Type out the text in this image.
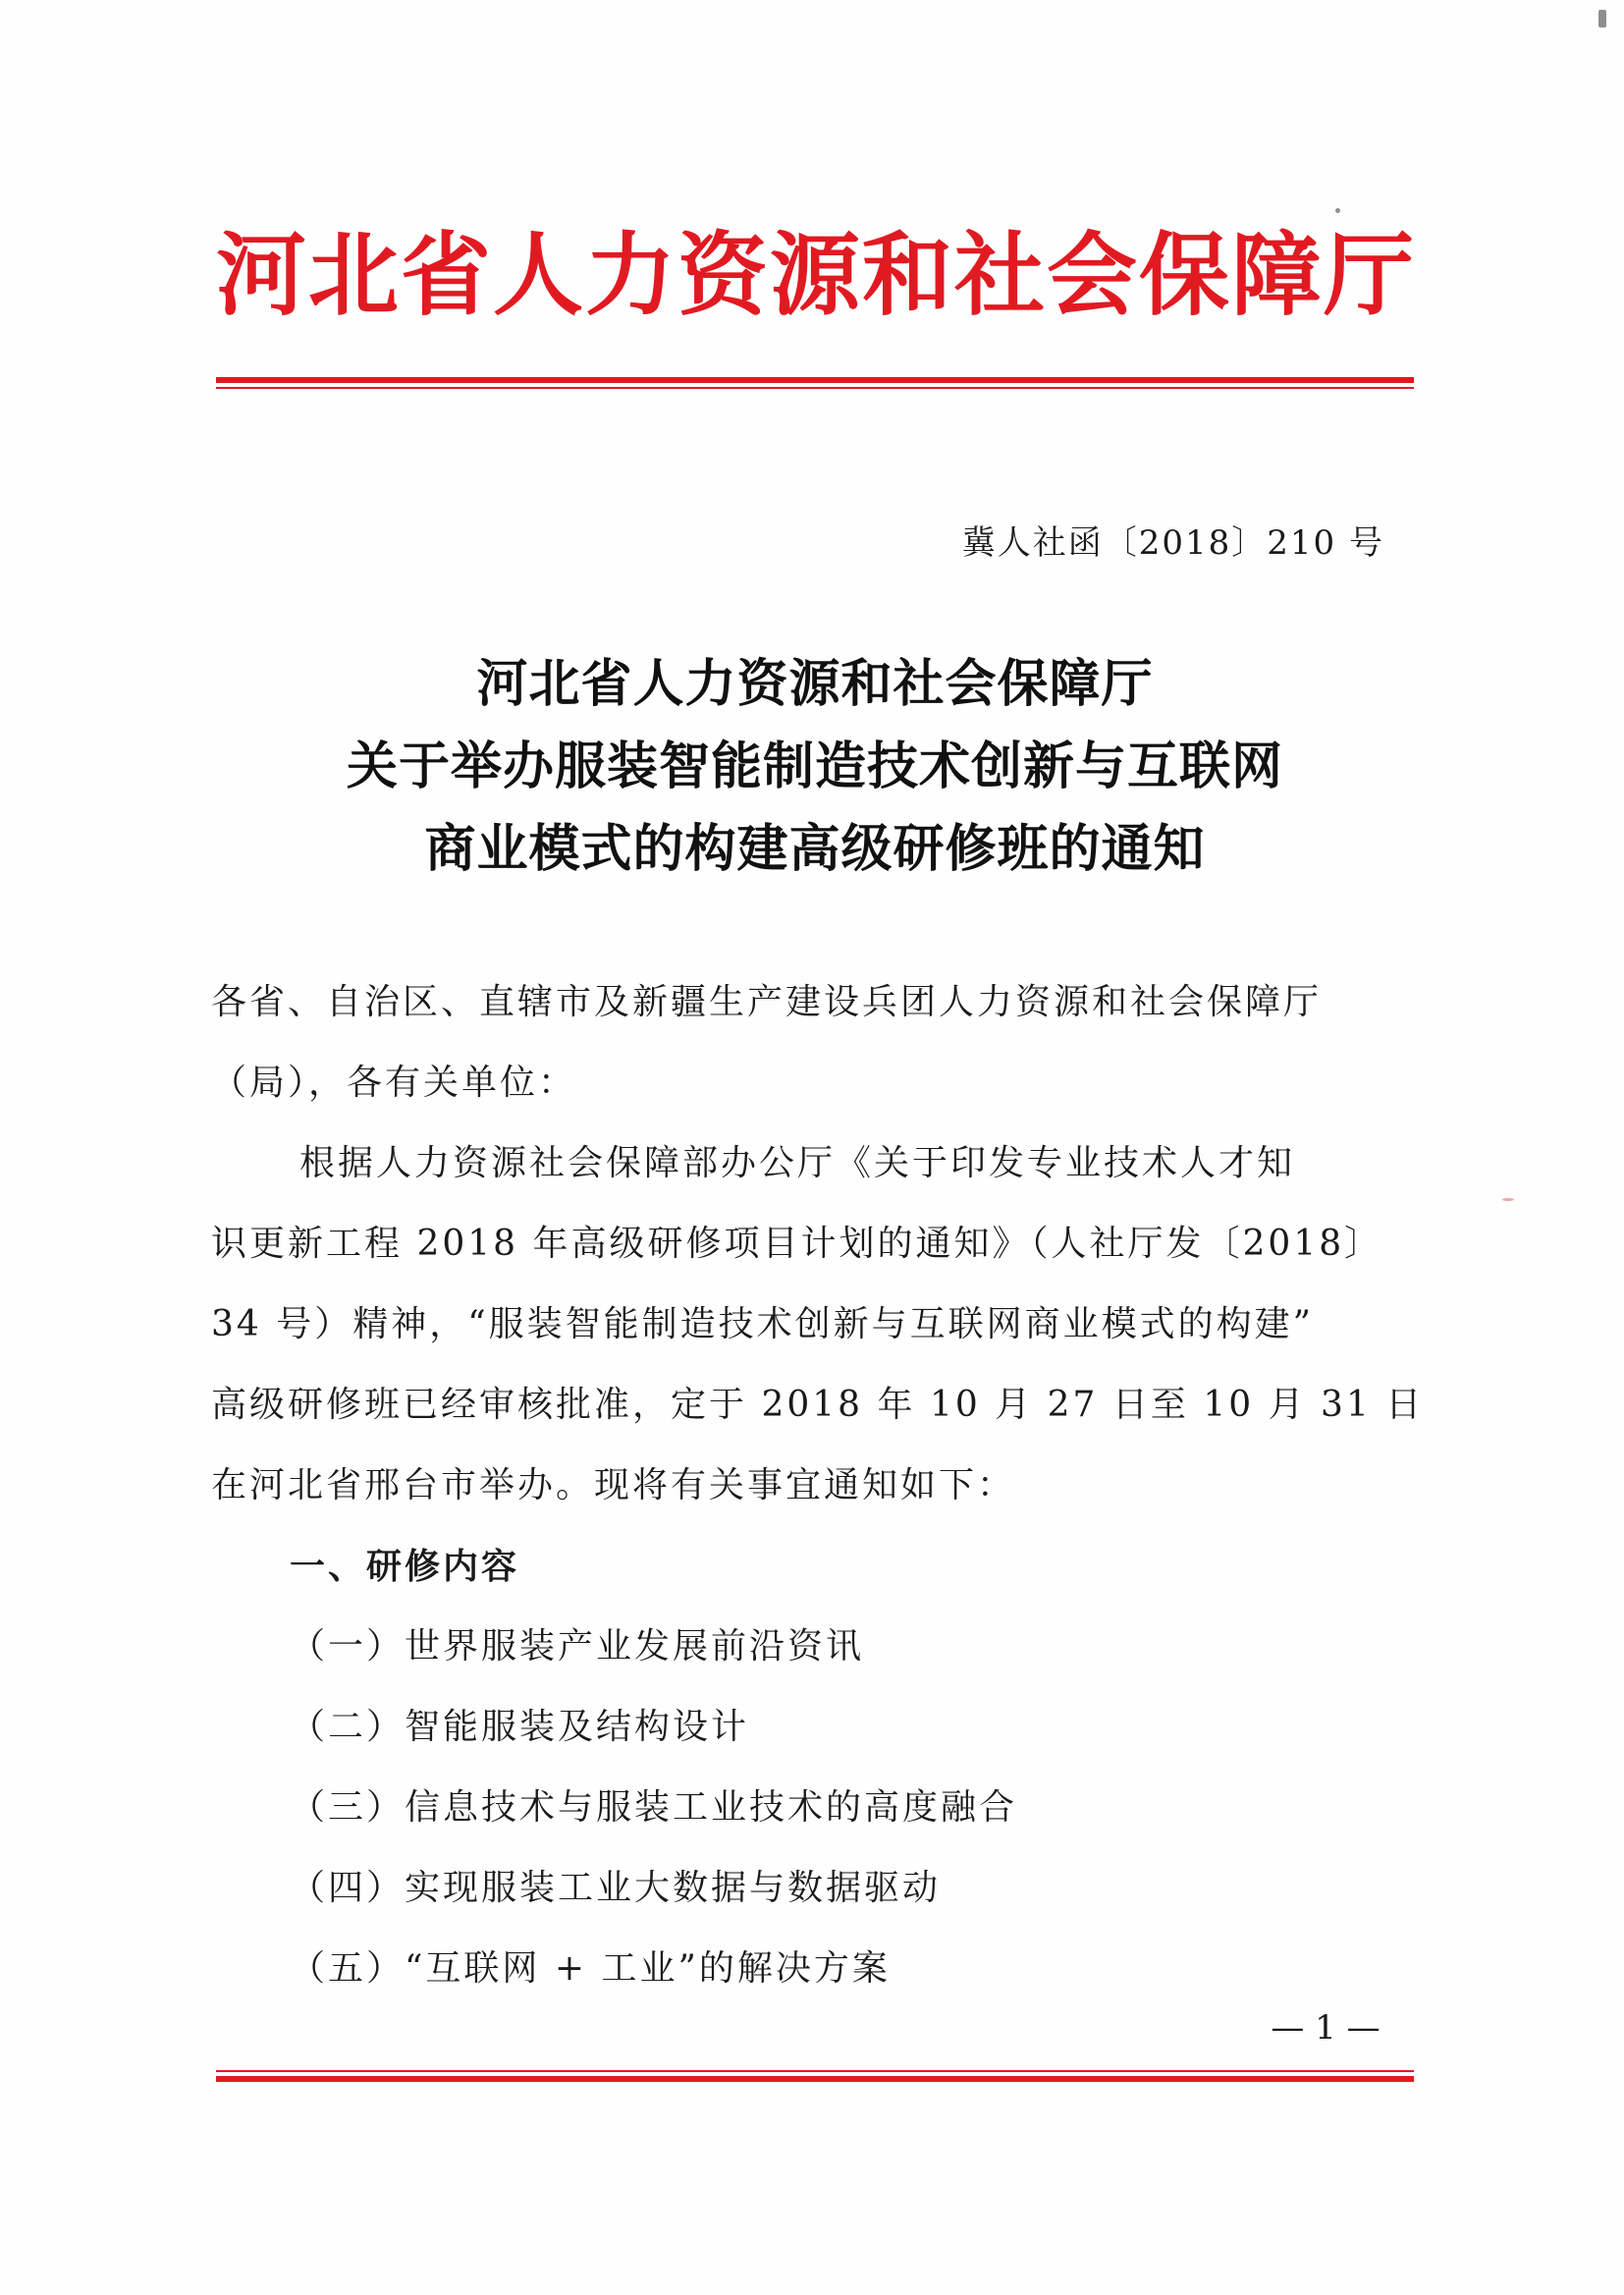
河北省人力资源和社会保障厅
冀人社函〔2018〕210 号
河北省人力资源和社会保障厅
关于举办服装智能制造技术创新与互联网
商业模式的构建高级研修班的通知
各省、自治区、直辖市及新疆生产建设兵团人力资源和社会保障厅
（局），各有关单位：
根据人力资源社会保障部办公厅《关于印发专业技术人才知
识更新工程 2018 年高级研修项目计划的通知》（人社厅发〔2018〕
34 号）精神，“服装智能制造技术创新与互联网商业模式的构建”
高级研修班已经审核批准，定于 2018 年 10 月 27 日至 10 月 31 日
在河北省邢台市举办。现将有关事宜通知如下：
一、研修内容
（一）世界服装产业发展前沿资讯
（二）智能服装及结构设计
（三）信息技术与服装工业技术的高度融合
（四）实现服装工业大数据与数据驱动
（五）“互联网 + 工业”的解决方案
— 1 —
